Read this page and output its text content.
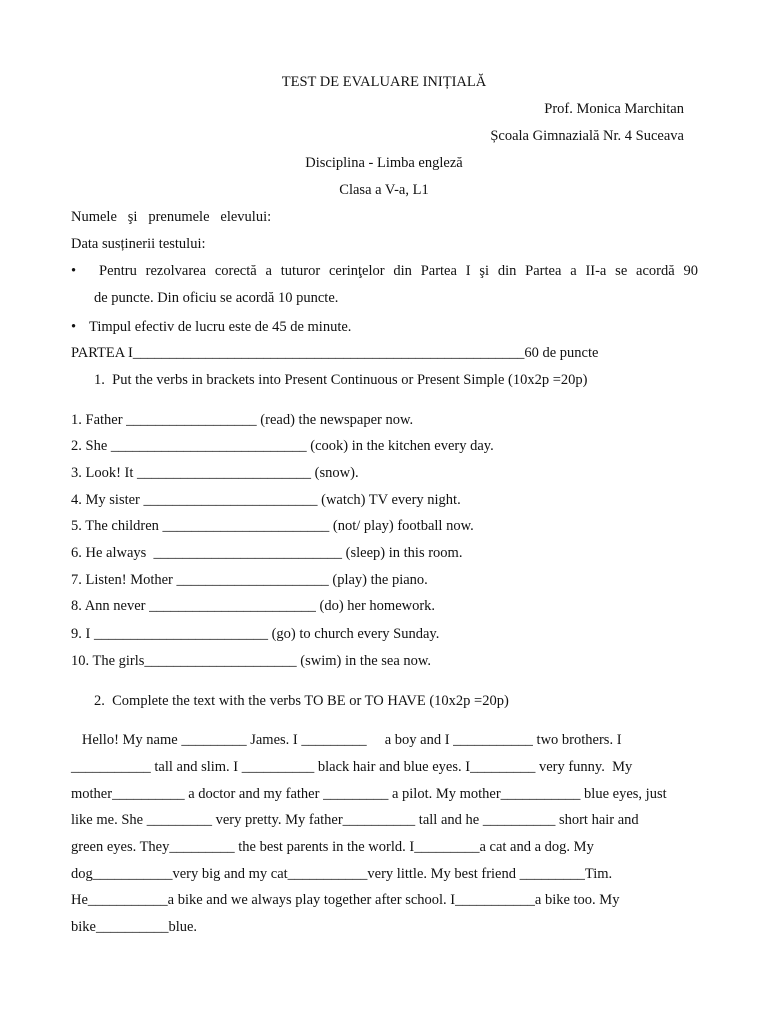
TEST DE EVALUARE INIȚIALĂ
Prof. Monica Marchitan
Școala Gimnazială Nr. 4 Suceava
Disciplina - Limba engleză
Clasa a V-a, L1
Numele   şi   prenumele   elevului:
Data susținerii testului:
• Pentru rezolvarea corectă a tuturor cerinţelor din Partea I şi din Partea a II-a se acordă 90
de puncte. Din oficiu se acordă 10 puncte.
• Timpul efectiv de lucru este de 45 de minute.
PARTEA I______________________________________________________60 de puncte
1.  Put the verbs in brackets into Present Continuous or Present Simple (10x2p =20p)
1. Father __________________ (read) the newspaper now.
2. She ___________________________ (cook) in the kitchen every day.
3. Look! It ________________________ (snow).
4. My sister ________________________ (watch) TV every night.
5. The children _______________________ (not/ play) football now.
6. He always  __________________________ (sleep) in this room.
7. Listen! Mother _____________________ (play) the piano.
8. Ann never _______________________ (do) her homework.
9. I ________________________ (go) to church every Sunday.
10. The girls_____________________ (swim) in the sea now.
2.  Complete the text with the verbs TO BE or TO HAVE (10x2p =20p)
Hello! My name _________ James. I _________     a boy and I ___________ two brothers. I
___________ tall and slim. I __________ black hair and blue eyes. I_________ very funny.  My
mother__________ a doctor and my father _________ a pilot. My mother___________ blue eyes, just
like me. She _________ very pretty. My father__________ tall and he __________ short hair and
green eyes. They_________ the best parents in the world. I_________a cat and a dog. My
dog___________very big and my cat___________very little. My best friend _________Tim.
He___________a bike and we always play together after school. I___________a bike too. My
bike__________blue.
